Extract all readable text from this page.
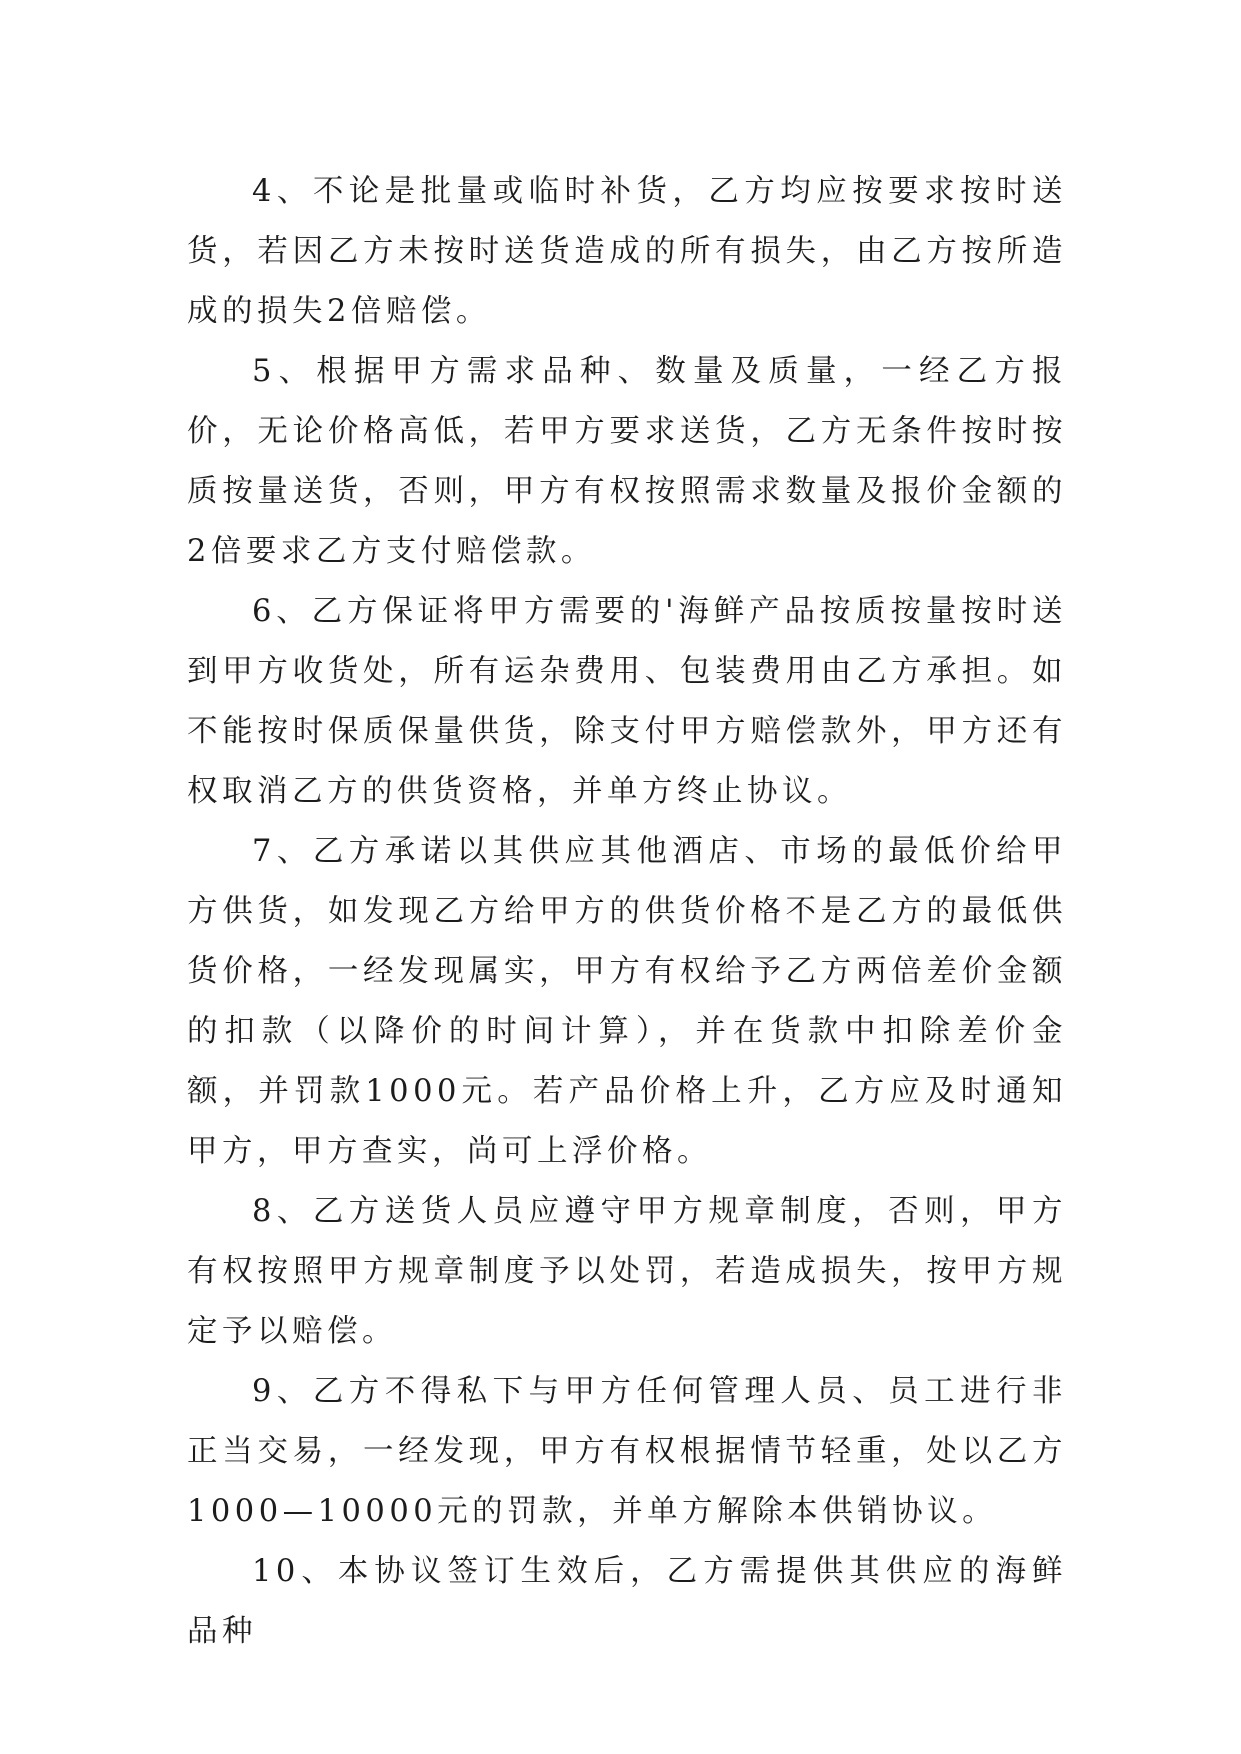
4、不论是批量或临时补货，乙方均应按要求按时送货，若因乙方未按时送货造成的所有损失，由乙方按所造成的损失2倍赔偿。

5、根据甲方需求品种、数量及质量，一经乙方报价，无论价格高低，若甲方要求送货，乙方无条件按时按质按量送货，否则，甲方有权按照需求数量及报价金额的2倍要求乙方支付赔偿款。

6、乙方保证将甲方需要的'海鲜产品按质按量按时送到甲方收货处，所有运杂费用、包装费用由乙方承担。如不能按时保质保量供货，除支付甲方赔偿款外，甲方还有权取消乙方的供货资格，并单方终止协议。

7、乙方承诺以其供应其他酒店、市场的最低价给甲方供货，如发现乙方给甲方的供货价格不是乙方的最低供货价格，一经发现属实，甲方有权给予乙方两倍差价金额的扣款（以降价的时间计算），并在货款中扣除差价金额，并罚款1000元。若产品价格上升，乙方应及时通知甲方，甲方查实，尚可上浮价格。

8、乙方送货人员应遵守甲方规章制度，否则，甲方有权按照甲方规章制度予以处罚，若造成损失，按甲方规定予以赔偿。

9、乙方不得私下与甲方任何管理人员、员工进行非正当交易，一经发现，甲方有权根据情节轻重，处以乙方1000—10000元的罚款，并单方解除本供销协议。

10、本协议签订生效后，乙方需提供其供应的海鲜品种
